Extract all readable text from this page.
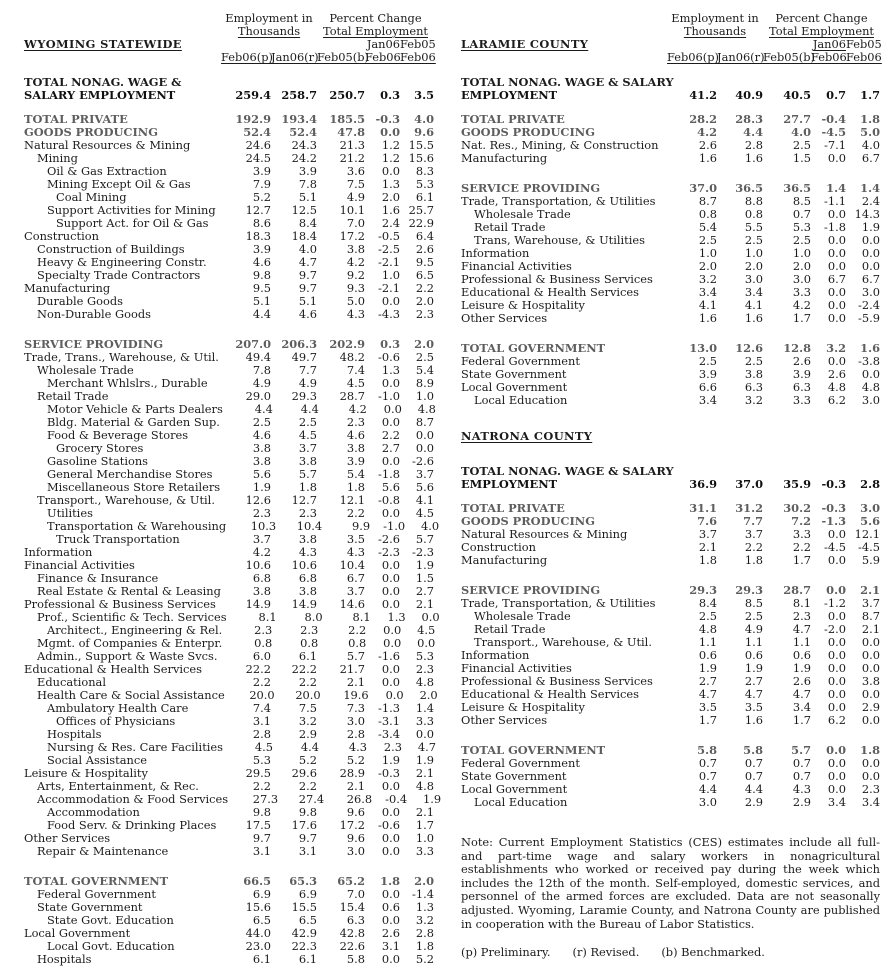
Employment in	Percent Change
Thousands	Total Employment
WYOMING STATEWIDE	Jan06 Feb05
Feb06(p)
Jan06(r)
Feb05(b)
Feb06 Feb06
TOTAL NONAG. WAGE &
SALARY EMPLOYMENT	259.4 258.7	250.7	0.3	3.5
TOTAL PRIVATE	192.9 193.4	185.5 -0.3	4.0
GOODS PRODUCING	52.4	52.4	47.8	0.0	9.6
Natural Resources & Mining	24.6	24.3	21.3	1.2 15.5
Mining	24.5	24.2	21.2	1.2 15.6
Oil & Gas Extraction	3.9	3.9	3.6	0.0	8.3
Mining Except Oil & Gas	7.9	7.8	7.5	1.3	5.3
Coal Mining	5.2	5.1	4.9	2.0	6.1
Support Activities for Mining	12.7	12.5	10.1	1.6 25.7
Support Act. for Oil & Gas	8.6	8.4	7.0	2.4 22.9
Construction	18.3	18.4	17.2	-0.5	6.4
Construction of Buildings	3.9	4.0	3.8	-2.5	2.6
Heavy & Engineering Constr.	4.6	4.7	4.2	-2.1	9.5
Specialty Trade Contractors	9.8	9.7	9.2	1.0	6.5
Manufacturing	9.5	9.7	9.3	-2.1	2.2
Durable Goods	5.1	5.1	5.0	0.0	2.0
Non-Durable Goods	4.4	4.6	4.3	-4.3	2.3
SERVICE PROVIDING	207.0 206.3	202.9	0.3	2.0
Trade, Trans., Warehouse, & Util.	49.4	49.7	48.2	-0.6	2.5
Wholesale Trade	7.8	7.7	7.4	1.3	5.4
Merchant Whlslrs., Durable	4.9	4.9	4.5	0.0	8.9
Retail Trade	29.0	29.3	28.7	-1.0	1.0
Motor Vehicle & Parts Dealers	4.4	4.4	4.2	0.0	4.8
Bldg. Material & Garden Sup.	2.5	2.5	2.3	0.0	8.7
Food & Beverage Stores	4.6	4.5	4.6	2.2	0.0
Grocery Stores	3.8	3.7	3.8	2.7	0.0
Gasoline Stations	3.8	3.8	3.9	0.0	-2.6
General Merchandise Stores	5.6	5.7	5.4	-1.8	3.7
Miscellaneous Store Retailers	1.9	1.8	1.8	5.6	5.6
Transport., Warehouse, & Util.	12.6	12.7	12.1	-0.8	4.1
Utilities	2.3	2.3	2.2	0.0	4.5
Transportation & Warehousing	10.3	10.4	9.9	-1.0	4.0
Truck Transportation	3.7	3.8	3.5	-2.6	5.7
Information	4.2	4.3	4.3	-2.3	-2.3
Financial Activities	10.6	10.6	10.4	0.0	1.9
Finance & Insurance	6.8	6.8	6.7	0.0	1.5
Real Estate & Rental & Leasing	3.8	3.8	3.7	0.0	2.7
Professional & Business Services	14.9	14.9	14.6	0.0	2.1
Prof., Scientific & Tech. Services	8.1	8.0	8.1	1.3	0.0
Architect., Engineering & Rel.	2.3	2.3	2.2	0.0	4.5
Mgmt. of Companies & Enterpr.	0.8	0.8	0.8	0.0	0.0
Admin., Support & Waste Svcs.	6.0	6.1	5.7	-1.6	5.3
Educational & Health Services	22.2	22.2	21.7	0.0	2.3
Educational	2.2	2.2	2.1	0.0	4.8
Health Care & Social Assistance	20.0	20.0	19.6	0.0	2.0
Ambulatory Health Care	7.4	7.5	7.3	-1.3	1.4
Offices of Physicians	3.1	3.2	3.0	-3.1	3.3
Hospitals	2.8	2.9	2.8	-3.4	0.0
Nursing & Res. Care Facilities	4.5	4.4	4.3	2.3	4.7
Social Assistance	5.3	5.2	5.2	1.9	1.9
Leisure & Hospitality	29.5	29.6	28.9	-0.3	2.1
Arts, Entertainment, & Rec.	2.2	2.2	2.1	0.0	4.8
Accommodation & Food Services	27.3	27.4	26.8	-0.4	1.9
Accommodation	9.8	9.8	9.6	0.0	2.1
Food Serv. & Drinking Places	17.5	17.6	17.2	-0.6	1.7
Other Services	9.7	9.7	9.6	0.0	1.0
Repair & Maintenance	3.1	3.1	3.0	0.0	3.3
TOTAL GOVERNMENT	66.5	65.3	65.2	1.8	2.0
Federal Government	6.9	6.9	7.0	0.0	-1.4
State Government	15.6	15.5	15.4	0.6	1.3
State Govt. Education	6.5	6.5	6.3	0.0	3.2
Local Government	44.0	42.9	42.8	2.6	2.8
Local Govt. Education	23.0	22.3	22.6	3.1	1.8
Hospitals	6.1	6.1	5.8	0.0	5.2
Employment in	Percent Change
Thousands	Total Employment
LARAMIE COUNTY	Jan06 Feb05
Feb06(p)
Jan06(r)
Feb05(b)
Feb06 Feb06
TOTAL NONAG. WAGE & SALARY
EMPLOYMENT	41.2	40.9	40.5	0.7	1.7
TOTAL PRIVATE	28.2	28.3	27.7 -0.4	1.8
GOODS PRODUCING	4.2	4.4	4.0 -4.5	5.0
Nat. Res., Mining, & Construction	2.6	2.8	2.5	-7.1	4.0
Manufacturing	1.6	1.6	1.5	0.0	6.7
SERVICE PROVIDING	37.0	36.5	36.5	1.4	1.4
Trade, Transportation, & Utilities	8.7	8.8	8.5	-1.1	2.4
Wholesale Trade	0.8	0.8	0.7	0.0 14.3
Retail Trade	5.4	5.5	5.3	-1.8	1.9
Trans, Warehouse, & Utilities	2.5	2.5	2.5	0.0	0.0
Information	1.0	1.0	1.0	0.0	0.0
Financial Activities	2.0	2.0	2.0	0.0	0.0
Professional & Business Services	3.2	3.0	3.0	6.7	6.7
Educational & Health Services	3.4	3.4	3.3	0.0	3.0
Leisure & Hospitality	4.1	4.1	4.2	0.0	-2.4
Other Services	1.6	1.6	1.7	0.0	-5.9
TOTAL GOVERNMENT	13.0	12.6	12.8	3.2	1.6
Federal Government	2.5	2.5	2.6	0.0	-3.8
State Government	3.9	3.8	3.9	2.6	0.0
Local Government	6.6	6.3	6.3	4.8	4.8
Local Education	3.4	3.2	3.3	6.2	3.0
NATRONA COUNTY
TOTAL NONAG. WAGE & SALARY
EMPLOYMENT	36.9	37.0	35.9 -0.3	2.8
TOTAL PRIVATE	31.1	31.2	30.2 -0.3	3.0
GOODS PRODUCING	7.6	7.7	7.2 -1.3	5.6
Natural Resources & Mining	3.7	3.7	3.3	0.0 12.1
Construction	2.1	2.2	2.2	-4.5	-4.5
Manufacturing	1.8	1.8	1.7	0.0	5.9
SERVICE PROVIDING	29.3	29.3	28.7	0.0	2.1
Trade, Transportation, & Utilities	8.4	8.5	8.1	-1.2	3.7
Wholesale Trade	2.5	2.5	2.3	0.0	8.7
Retail Trade	4.8	4.9	4.7	-2.0	2.1
Transport., Warehouse, & Util.	1.1	1.1	1.1	0.0	0.0
Information	0.6	0.6	0.6	0.0	0.0
Financial Activities	1.9	1.9	1.9	0.0	0.0
Professional & Business Services	2.7	2.7	2.6	0.0	3.8
Educational & Health Services	4.7	4.7	4.7	0.0	0.0
Leisure & Hospitality	3.5	3.5	3.4	0.0	2.9
Other Services	1.7	1.6	1.7	6.2	0.0
TOTAL GOVERNMENT	5.8	5.8	5.7	0.0	1.8
Federal Government	0.7	0.7	0.7	0.0	0.0
State Government	0.7	0.7	0.7	0.0	0.0
Local Government	4.4	4.4	4.3	0.0	2.3
Local Education	3.0	2.9	2.9	3.4	3.4
Note: Current Employment Statistics (CES) estimates include all full- and part-time wage and salary workers in nonagricultural establishments who worked or received pay during the week which includes the 12th of the month. Self-employed, domestic services, and personnel of the armed forces are excluded. Data are not seasonally adjusted. Wyoming, Laramie County, and Natrona County are published in cooperation with the Bureau of Labor Statistics.
(p) Preliminary. (r) Revised. (b) Benchmarked.
